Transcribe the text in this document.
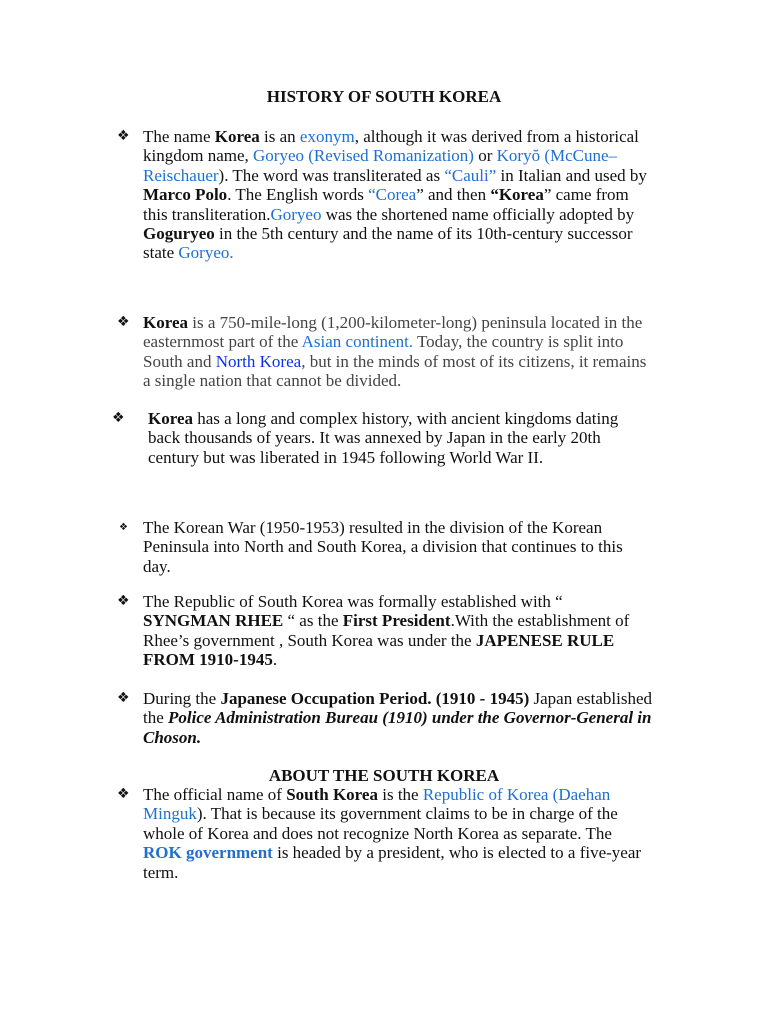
HISTORY OF SOUTH KOREA

❖ The name Korea is an exonym, although it was derived from a historical kingdom name, Goryeo (Revised Romanization) or Koryŏ (McCune–Reischauer). The word was transliterated as “Cauli” in Italian and used by Marco Polo. The English words “Corea” and then “Korea” came from this transliteration.Goryeo was the shortened name officially adopted by Goguryeo in the 5th century and the name of its 10th-century successor state Goryeo.

❖ Korea is a 750-mile-long (1,200-kilometer-long) peninsula located in the easternmost part of the Asian continent. Today, the country is split into South and North Korea, but in the minds of most of its citizens, it remains a single nation that cannot be divided.

❖ Korea has a long and complex history, with ancient kingdoms dating back thousands of years. It was annexed by Japan in the early 20th century but was liberated in 1945 following World War II.

❖ The Korean War (1950-1953) resulted in the division of the Korean Peninsula into North and South Korea, a division that continues to this day.

❖ The Republic of South Korea was formally established with “ SYNGMAN RHEE “ as the First President.With the establishment of Rhee’s government , South Korea was under the JAPENESE RULE FROM 1910-1945.

❖ During the Japanese Occupation Period. (1910 - 1945) Japan established the Police Administration Bureau (1910) under the Governor-General in Choson.

ABOUT THE SOUTH KOREA

❖ The official name of South Korea is the Republic of Korea (Daehan Minguk). That is because its government claims to be in charge of the whole of Korea and does not recognize North Korea as separate. The ROK government is headed by a president, who is elected to a five-year term.
